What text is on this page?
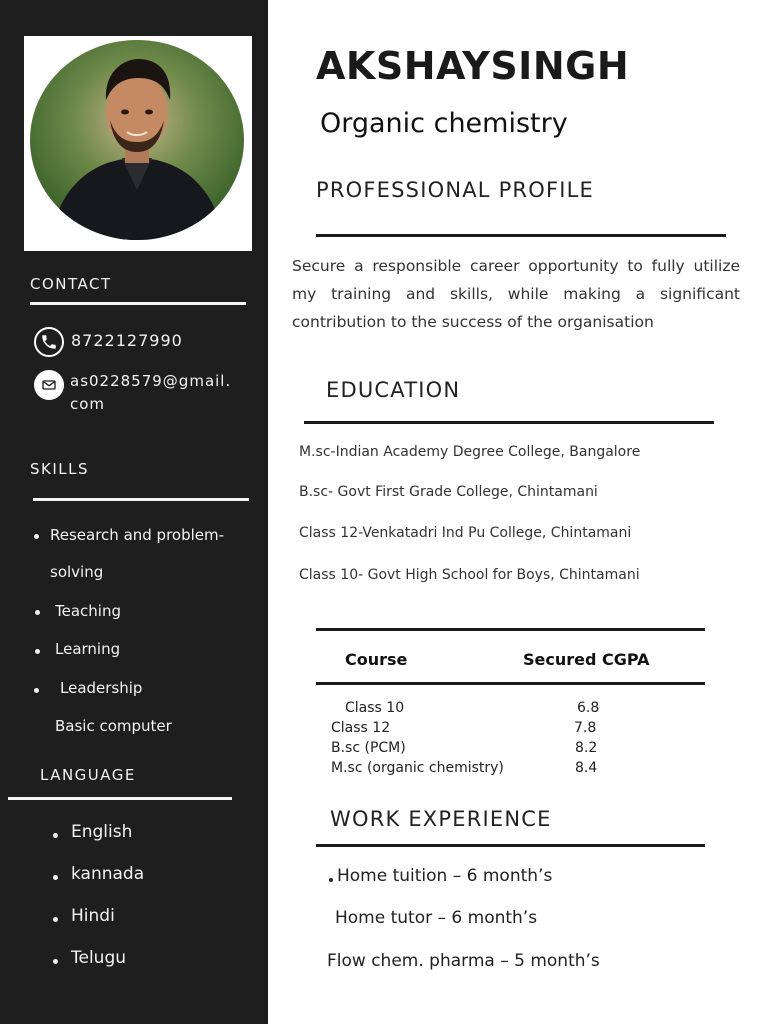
CONTACT
8722127990
as0228579@gmail.
com
SKILLS
Research and problem-
solving
Teaching
Learning
Leadership
Basic computer
LANGUAGE
English
kannada
Hindi
Telugu
AKSHAYSINGH
Organic chemistry
PROFESSIONAL PROFILE
Secure a responsible career opportunity to fully utilize my training and skills, while making a significant contribution to the success of the organisation
EDUCATION
M.sc-Indian Academy Degree College, Bangalore
B.sc- Govt First Grade College, Chintamani
Class 12-Venkatadri Ind Pu College, Chintamani
Class 10- Govt High School for Boys, Chintamani
Course	Secured CGPA
Class 10	6.8
Class 12	7.8
B.sc (PCM)	8.2
M.sc (organic chemistry)	8.4
WORK EXPERIENCE
Home tuition – 6 month’s
Home tutor – 6 month’s
Flow chem. pharma – 5 month’s
